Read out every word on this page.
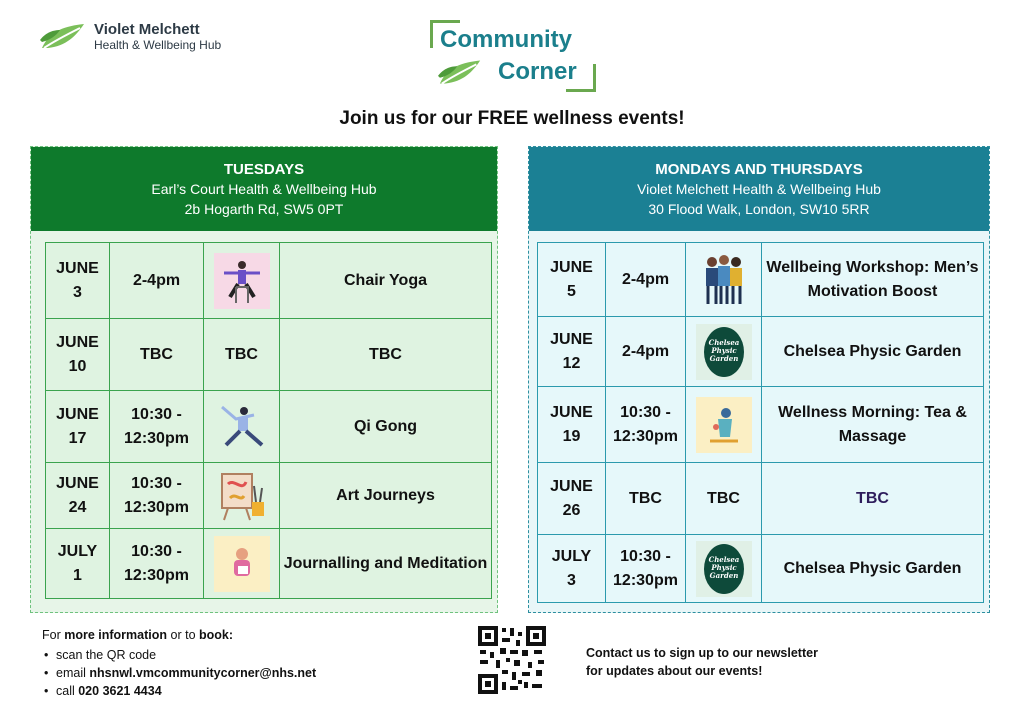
Violet Melchett
Health & Wellbeing Hub	Community
Corner
Join us for our FREE wellness events!
TUESDAYS
Earl’s Court Health & Wellbeing Hub
2b Hogarth Rd, SW5 0PT
JUNE
3	2-4pm		Chair Yoga

JUNE
10	TBC	TBC	TBC

JUNE
17	10:30 -
12:30pm		Qi Gong

JUNE
24	10:30 -
12:30pm		Art Journeys

JULY
1	10:30 -
12:30pm		Journalling and Meditation
MONDAYS AND THURSDAYS
Violet Melchett Health & Wellbeing Hub
30 Flood Walk, London, SW10 5RR
JUNE
5	2-4pm		Wellbeing Workshop: Men’s Motivation Boost

JUNE
12	2-4pm	Chelsea
Physic
Garden	Chelsea Physic Garden

JUNE
19	10:30 -
12:30pm		Wellness Morning: Tea & Massage

JUNE
26	TBC	TBC	TBC

JULY
3	10:30 -
12:30pm	Chelsea
Physic
Garden	Chelsea Physic Garden
For more information or to book:
• scan the QR code
• email nhsnwl.vmcommunitycorner@nhs.net
• call 020 3621 4434
Contact us to sign up to our newsletter
for updates about our events!
